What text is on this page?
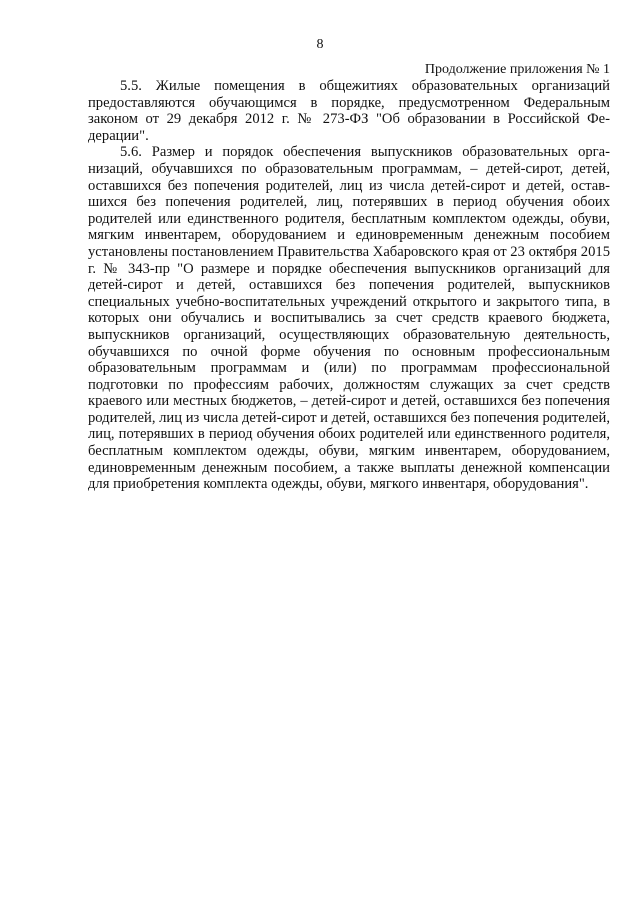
8
Продолжение приложения № 1

5.5. Жилые помещения в общежитиях образовательных организаций предоставляются обучающимся в порядке, предусмотренном Федеральным законом от 29 декабря 2012 г. № 273-ФЗ "Об образовании в Российской Федерации".

5.6. Размер и порядок обеспечения выпускников образовательных организаций, обучавшихся по образовательным программам, – детей-сирот, детей, оставшихся без попечения родителей, лиц из числа детей-сирот и детей, оставшихся без попечения родителей, лиц, потерявших в период обучения обоих родителей или единственного родителя, бесплатным комплектом одежды, обуви, мягким инвентарем, оборудованием и единовременным денежным пособием установлены постановлением Правительства Хабаровского края от 23 октября 2015 г. № 343-пр "О размере и порядке обеспечения выпускников организаций для детей-сирот и детей, оставшихся без попечения родителей, выпускников специальных учебно-воспитательных учреждений открытого и закрытого типа, в которых они обучались и воспитывались за счет средств краевого бюджета, выпускников организаций, осуществляющих образовательную деятельность, обучавшихся по очной форме обучения по основным профессиональным образовательным программам и (или) по программам профессиональной подготовки по профессиям рабочих, должностям служащих за счет средств краевого или местных бюджетов, – детей-сирот и детей, оставшихся без попечения родителей, лиц из числа детей-сирот и детей, оставшихся без попечения родителей, лиц, потерявших в период обучения обоих родителей или единственного родителя, бесплатным комплектом одежды, обуви, мягким инвентарем, оборудованием, единовременным денежным пособием, а также выплаты денежной компенсации для приобретения комплекта одежды, обуви, мягкого инвентаря, оборудования".
